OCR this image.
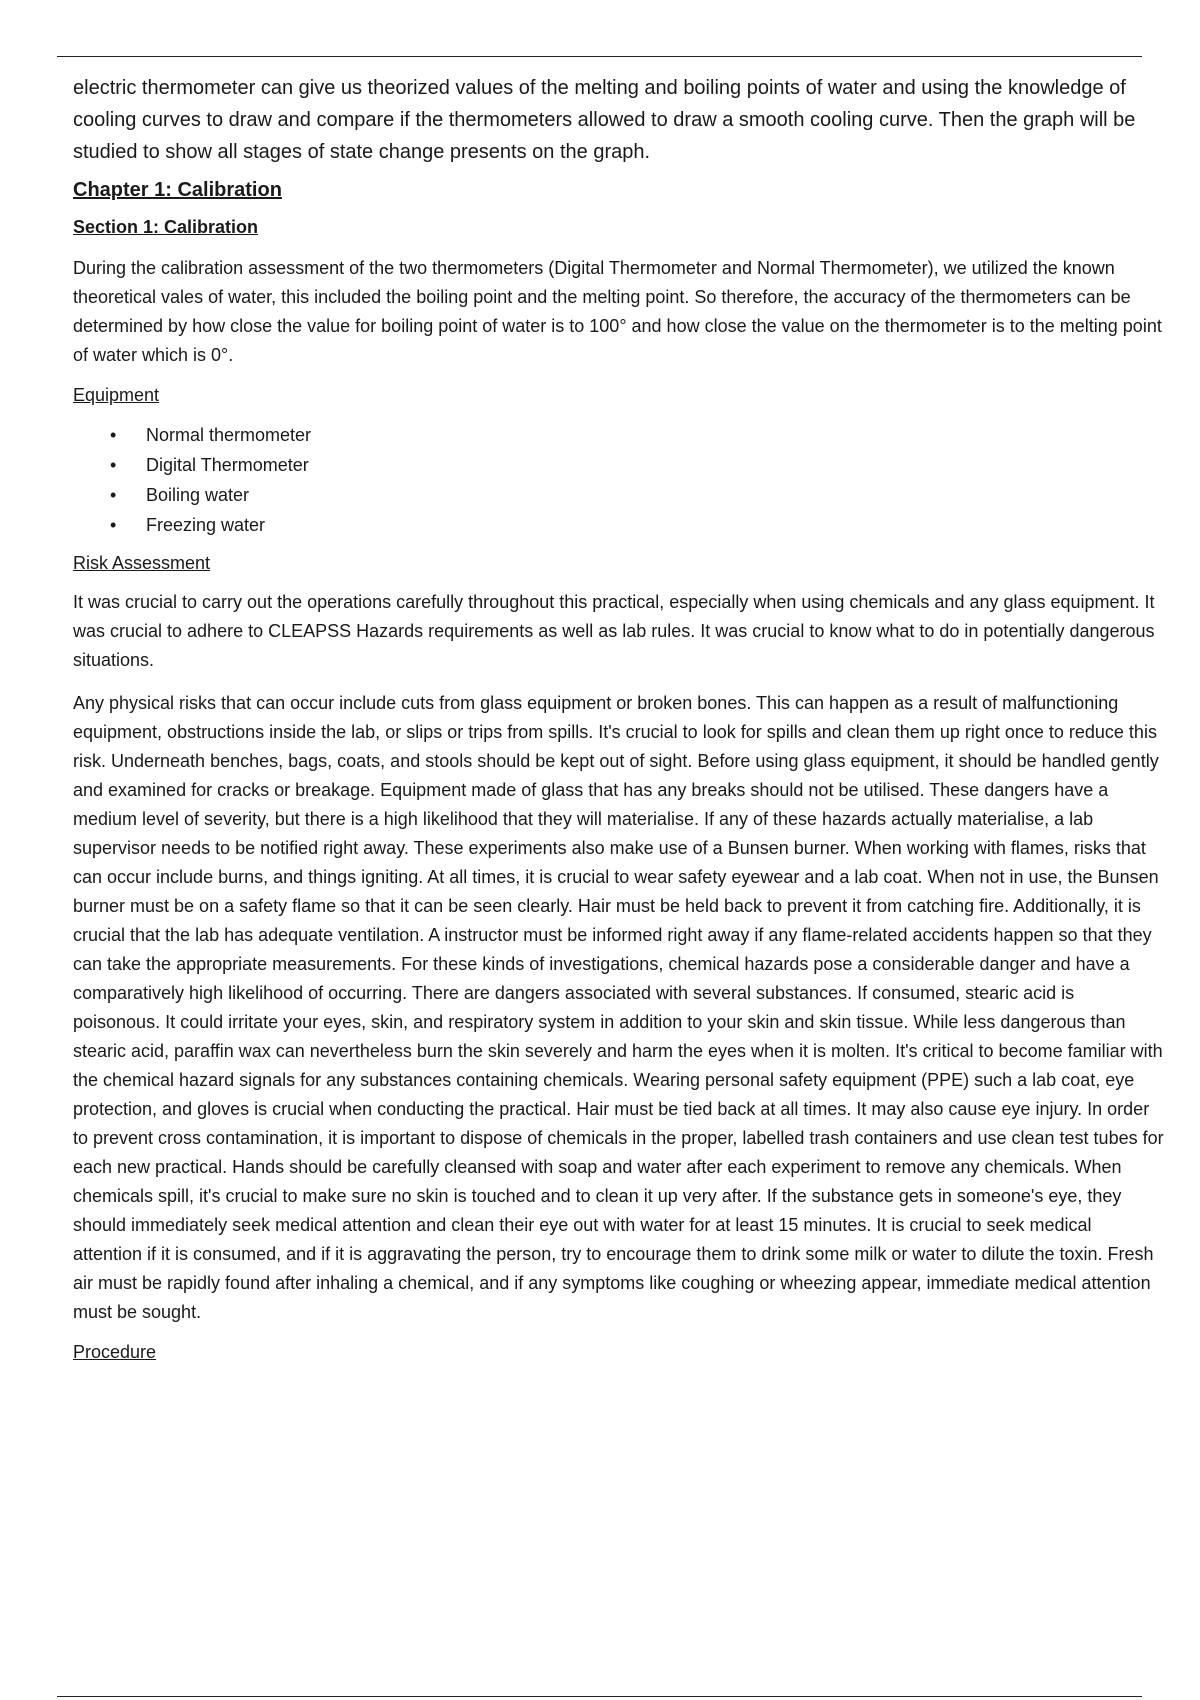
electric thermometer can give us theorized values of the melting and boiling points of water and using the knowledge of cooling curves to draw and compare if the thermometers allowed to draw a smooth cooling curve. Then the graph will be studied to show all stages of state change presents on the graph.

Chapter 1: Calibration
Section 1: Calibration

During the calibration assessment of the two thermometers (Digital Thermometer and Normal Thermometer), we utilized the known theoretical vales of water, this included the boiling point and the melting point. So therefore, the accuracy of the thermometers can be determined by how close the value for boiling point of water is to 100° and how close the value on the thermometer is to the melting point of water which is 0°.

Equipment
• Normal thermometer
• Digital Thermometer
• Boiling water
• Freezing water
Risk Assessment

It was crucial to carry out the operations carefully throughout this practical, especially when using chemicals and any glass equipment. It was crucial to adhere to CLEAPSS Hazards requirements as well as lab rules. It was crucial to know what to do in potentially dangerous situations.

Any physical risks that can occur include cuts from glass equipment or broken bones. This can happen as a result of malfunctioning equipment, obstructions inside the lab, or slips or trips from spills. It's crucial to look for spills and clean them up right once to reduce this risk. Underneath benches, bags, coats, and stools should be kept out of sight. Before using glass equipment, it should be handled gently and examined for cracks or breakage. Equipment made of glass that has any breaks should not be utilised. These dangers have a medium level of severity, but there is a high likelihood that they will materialise. If any of these hazards actually materialise, a lab supervisor needs to be notified right away. These experiments also make use of a Bunsen burner. When working with flames, risks that can occur include burns, and things igniting. At all times, it is crucial to wear safety eyewear and a lab coat. When not in use, the Bunsen burner must be on a safety flame so that it can be seen clearly. Hair must be held back to prevent it from catching fire. Additionally, it is crucial that the lab has adequate ventilation. A instructor must be informed right away if any flame-related accidents happen so that they can take the appropriate measurements. For these kinds of investigations, chemical hazards pose a considerable danger and have a comparatively high likelihood of occurring. There are dangers associated with several substances. If consumed, stearic acid is poisonous. It could irritate your eyes, skin, and respiratory system in addition to your skin and skin tissue. While less dangerous than stearic acid, paraffin wax can nevertheless burn the skin severely and harm the eyes when it is molten. It's critical to become familiar with the chemical hazard signals for any substances containing chemicals. Wearing personal safety equipment (PPE) such a lab coat, eye protection, and gloves is crucial when conducting the practical. Hair must be tied back at all times. It may also cause eye injury. In order to prevent cross contamination, it is important to dispose of chemicals in the proper, labelled trash containers and use clean test tubes for each new practical. Hands should be carefully cleansed with soap and water after each experiment to remove any chemicals. When chemicals spill, it's crucial to make sure no skin is touched and to clean it up very after. If the substance gets in someone's eye, they should immediately seek medical attention and clean their eye out with water for at least 15 minutes. It is crucial to seek medical attention if it is consumed, and if it is aggravating the person, try to encourage them to drink some milk or water to dilute the toxin. Fresh air must be rapidly found after inhaling a chemical, and if any symptoms like coughing or wheezing appear, immediate medical attention must be sought.

Procedure
